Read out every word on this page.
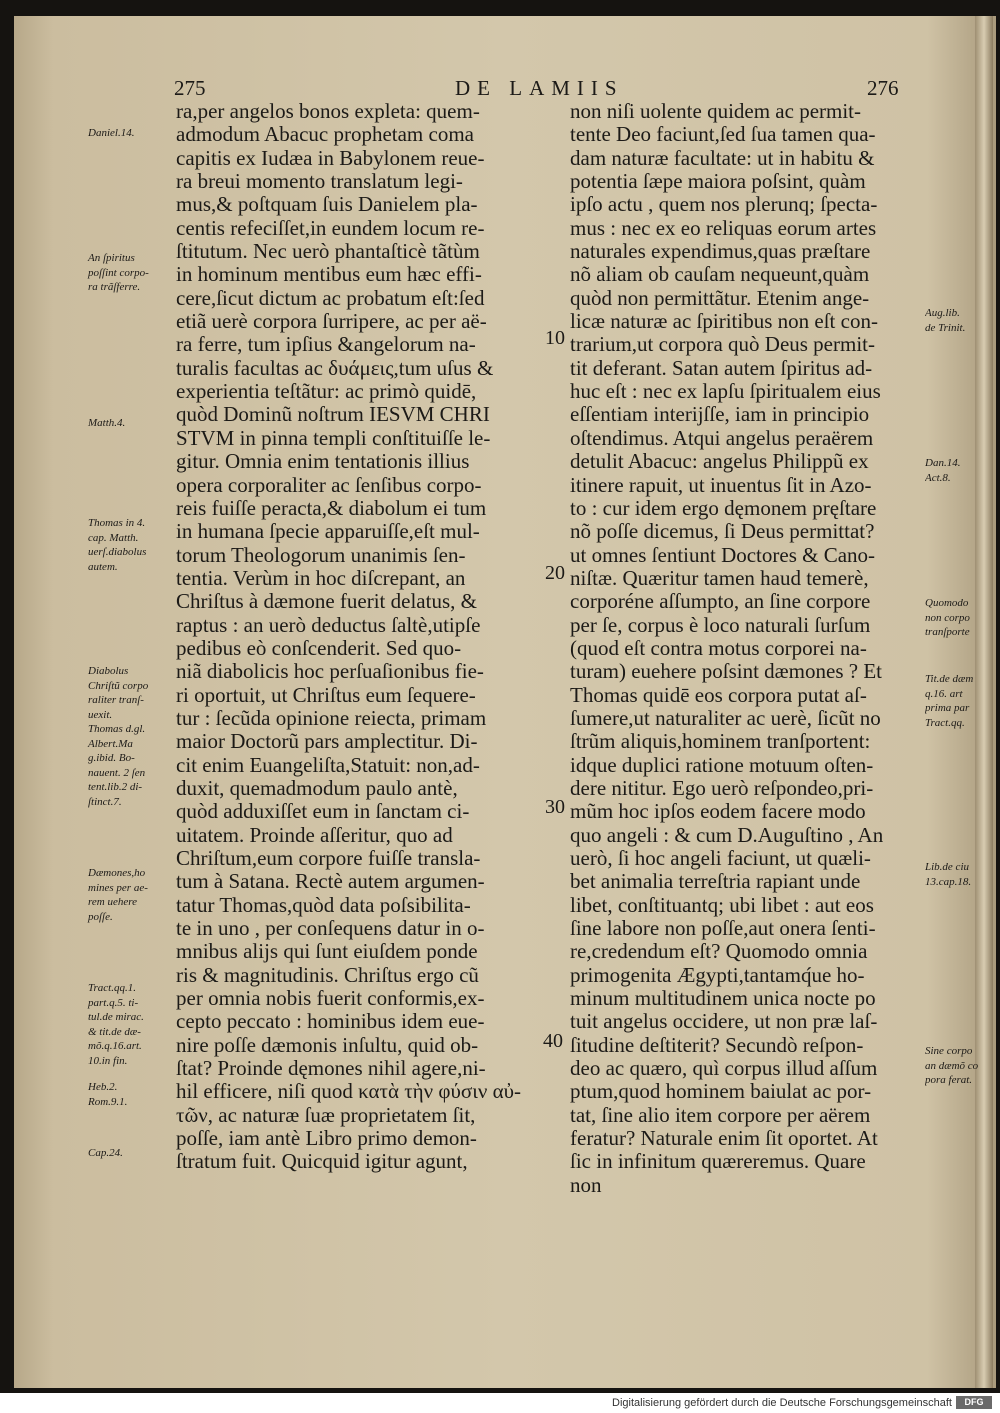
275	DE LAMIIS	276
ra,per angelos bonos expleta: quem-
admodum Abacuc prophetam coma
capitis ex Iudæa in Babylonem reue-
ra breui momento translatum legi-
mus,& poſtquam ſuis Danielem pla-
centis refeciſſet,in eundem locum re-
ſtitutum. Nec uerò phantaſticè tãtùm
in hominum mentibus eum hæc effi-
cere,ſicut dictum ac probatum eſt:ſed
etiã uerè corpora ſurripere, ac per aë-
ra ferre, tum ipſius &angelorum na-
turalis facultas ac δυάμεις,tum uſus &
experientia teſtãtur: ac primò quidē,
quòd Dominũ noſtrum IESVM CHRI
STVM in pinna templi conſtituiſſe le-
gitur. Omnia enim tentationis illius
opera corporaliter ac ſenſibus corpo-
reis fuiſſe peracta,& diabolum ei tum
in humana ſpecie apparuiſſe,eſt mul-
torum Theologorum unanimis ſen-
tentia. Verùm in hoc diſcrepant, an
Chriſtus à dæmone fuerit delatus, &
raptus : an uerò deductus ſaltè,utipſe
pedibus eò conſcenderit. Sed quo-
niã diabolicis hoc perſuaſionibus fie-
ri oportuit, ut Chriſtus eum ſequere-
tur : ſecũda opinione reiecta, primam
maior Doctorũ pars amplectitur. Di-
cit enim Euangeliſta,Statuit: non,ad-
duxit, quemadmodum paulo antè,
quòd adduxiſſet eum in ſanctam ci-
uitatem. Proinde aſſeritur, quo ad
Chriſtum,eum corpore fuiſſe transla-
tum à Satana. Rectè autem argumen-
tatur Thomas,quòd data poſsibilita-
te in uno , per conſequens datur in o-
mnibus alijs qui ſunt eiuſdem ponde
ris & magnitudinis. Chriſtus ergo cũ
per omnia nobis fuerit conformis,ex-
cepto peccato : hominibus idem eue-
nire poſſe dæmonis inſultu, quid ob-
ſtat? Proinde dęmones nihil agere,ni-
hil efficere, niſi quod κατὰ τὴν φύσιν αὐ-
τῶν, ac naturæ ſuæ proprietatem ſit,
poſſe, iam antè Libro primo demon-
ſtratum fuit. Quicquid igitur agunt,
non niſi uolente quidem ac permit-
tente Deo faciunt,ſed ſua tamen qua-
dam naturæ facultate: ut in habitu &
potentia ſæpe maiora poſsint, quàm
ipſo actu , quem nos plerunq; ſpecta-
mus : nec ex eo reliquas eorum artes
naturales expendimus,quas præſtare
nõ aliam ob cauſam nequeunt,quàm
quòd non permittãtur. Etenim ange-
licæ naturæ ac ſpiritibus non eſt con-
trarium,ut corpora quò Deus permit-
tit deferant. Satan autem ſpiritus ad-
huc eſt : nec ex lapſu ſpiritualem eius
eſſentiam interijſſe, iam in principio
oſtendimus. Atqui angelus peraërem
detulit Abacuc: angelus Philippũ ex
itinere rapuit, ut inuentus ſit in Azo-
to : cur idem ergo dęmonem pręſtare
nõ poſſe dicemus, ſi Deus permittat?
ut omnes ſentiunt Doctores & Cano-
niſtæ. Quæritur tamen haud temerè,
corporéne aſſumpto, an ſine corpore
per ſe, corpus è loco naturali ſurſum
(quod eſt contra motus corporei na-
turam) euehere poſsint dæmones ? Et
Thomas quidē eos corpora putat aſ-
ſumere,ut naturaliter ac uerè, ſicũt no
ſtrũm aliquis,hominem tranſportent:
idque duplici ratione motuum oſten-
dere nititur. Ego uerò reſpondeo,pri-
mũm hoc ipſos eodem facere modo
quo angeli : & cum D.Auguſtino , An
uerò, ſi hoc angeli faciunt, ut quæli-
bet animalia terreſtria rapiant unde
libet, conſtituantq; ubi libet : aut eos
ſine labore non poſſe,aut onera ſenti-
re,credendum eſt? Quomodo omnia
primogenita Ægypti,tantamq́ue ho-
minum multitudinem unica nocte po
tuit angelus occidere, ut non præ laſ-
ſitudine deſtiterit? Secundò reſpon-
deo ac quæro, quì corpus illud aſſum
ptum,quod hominem baiulat ac por-
tat, ſine alio item corpore per aërem
feratur? Naturale enim ſit oportet. At
ſic in infinitum quæreremus. Quare
non
10
20
30
40
Daniel.14.
An ſpiritus
poſſint corpo-
ra trãſferre.
Matth.4.
Thomas in 4.
cap. Matth.
uerſ.diabolus
autem.
Diabolus
Chriſtũ corpo
raliter tranſ-
uexit.
Thomas d.gl.
Albert.Ma
g.ibid. Bo-
nauent. 2 ſen
tent.lib.2 di-
ſtinct.7.
Dæmones,ho
mines per ae-
rem uehere
poſſe.
Tract.qq.1.
part.q.5. ti-
tul.de mirac.
& tit.de dæ-
mõ.q.16.art.
10.in fin.
Heb.2.
Rom.9.1.
Cap.24.
Aug.lib.
de Trinit.
Dan.14.
Act.8.
Quomodo
non corpo
tranſporte
Tit.de dæm
q.16. art
prima par
Tract.qq.
Lib.de ciu
13.cap.18.
Sine corpo
an dæmõ co
pora ferat.
Digitalisierung gefördert durch die Deutsche Forschungsgemeinschaft	DFG
